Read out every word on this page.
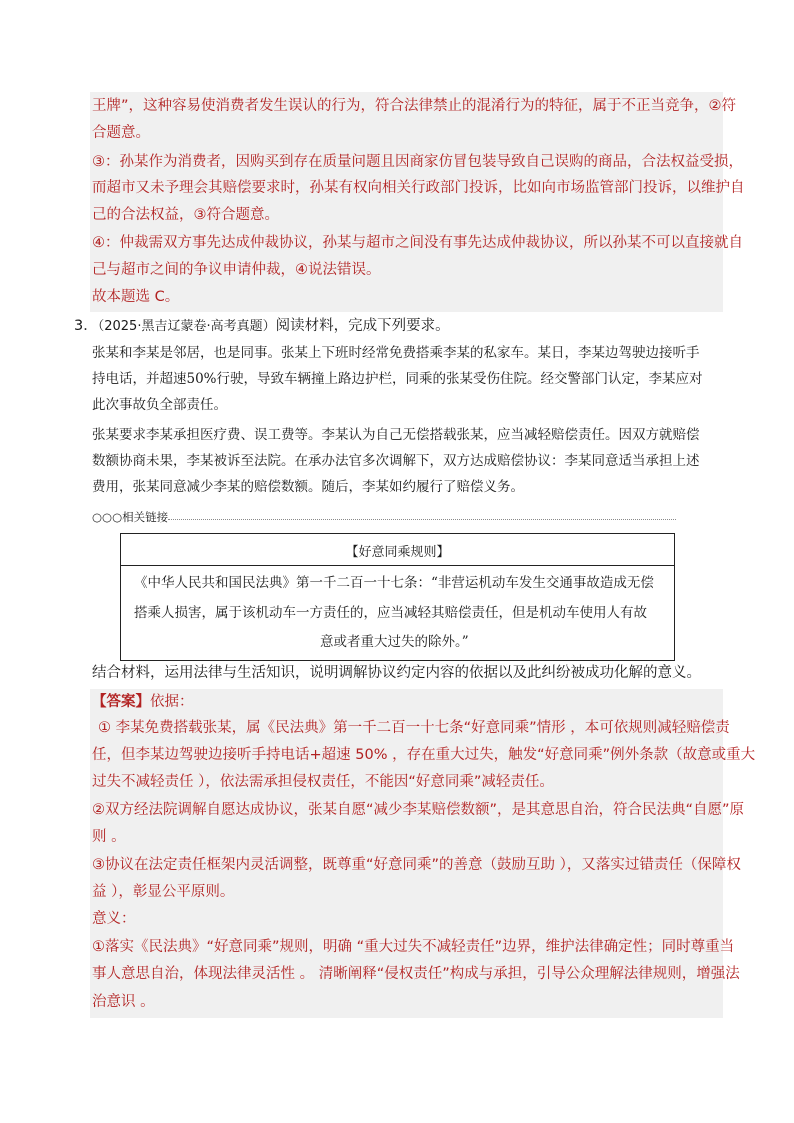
王牌”，这种容易使消费者发生误认的行为，符合法律禁止的混淆行为的特征，属于不正当竞争，②符
合题意。
③：孙某作为消费者，因购买到存在质量问题且因商家仿冒包装导致自己误购的商品，合法权益受损，
而超市又未予理会其赔偿要求时，孙某有权向相关行政部门投诉，比如向市场监管部门投诉，以维护自
己的合法权益，③符合题意。
④：仲裁需双方事先达成仲裁协议，孙某与超市之间没有事先达成仲裁协议，所以孙某不可以直接就自
己与超市之间的争议申请仲裁，④说法错误。
故本题选 C。
3．（2025·黑吉辽蒙卷·高考真题）阅读材料，完成下列要求。
张某和李某是邻居，也是同事。张某上下班时经常免费搭乘李某的私家车。某日，李某边驾驶边接听手
持电话，并超速50%行驶，导致车辆撞上路边护栏，同乘的张某受伤住院。经交警部门认定，李某应对
此次事故负全部责任。
张某要求李某承担医疗费、误工费等。李某认为自己无偿搭载张某，应当减轻赔偿责任。因双方就赔偿
数额协商未果，李某被诉至法院。在承办法官多次调解下，双方达成赔偿协议：李某同意适当承担上述
费用，张某同意减少李某的赔偿数额。随后，李某如约履行了赔偿义务。
○○○相关链接
【好意同乘规则】
《中华人民共和国民法典》第一千二百一十七条：“非营运机动车发生交通事故造成无偿
搭乘人损害，属于该机动车一方责任的，应当减轻其赔偿责任，但是机动车使用人有故
意或者重大过失的除外。”
结合材料，运用法律与生活知识，说明调解协议约定内容的依据以及此纠纷被成功化解的意义。
【答案】依据：
① 李某免费搭载张某，属《民法典》第一千二百一十七条“好意同乘”情形 ，本可依规则减轻赔偿责
任，但李某边驾驶边接听手持电话+超速 50% ，存在重大过失，触发“好意同乘”例外条款（故意或重大
过失不减轻责任 ），依法需承担侵权责任，不能因“好意同乘”减轻责任。
②双方经法院调解自愿达成协议，张某自愿“减少李某赔偿数额”，是其意思自治，符合民法典“自愿”原
则 。
③协议在法定责任框架内灵活调整，既尊重“好意同乘”的善意（鼓励互助 ），又落实过错责任（保障权
益 ），彰显公平原则。
意义：
①落实《民法典》“好意同乘”规则，明确 “重大过失不减轻责任”边界，维护法律确定性；同时尊重当
事人意思自治，体现法律灵活性 。 清晰阐释“侵权责任”构成与承担，引导公众理解法律规则，增强法
治意识 。
